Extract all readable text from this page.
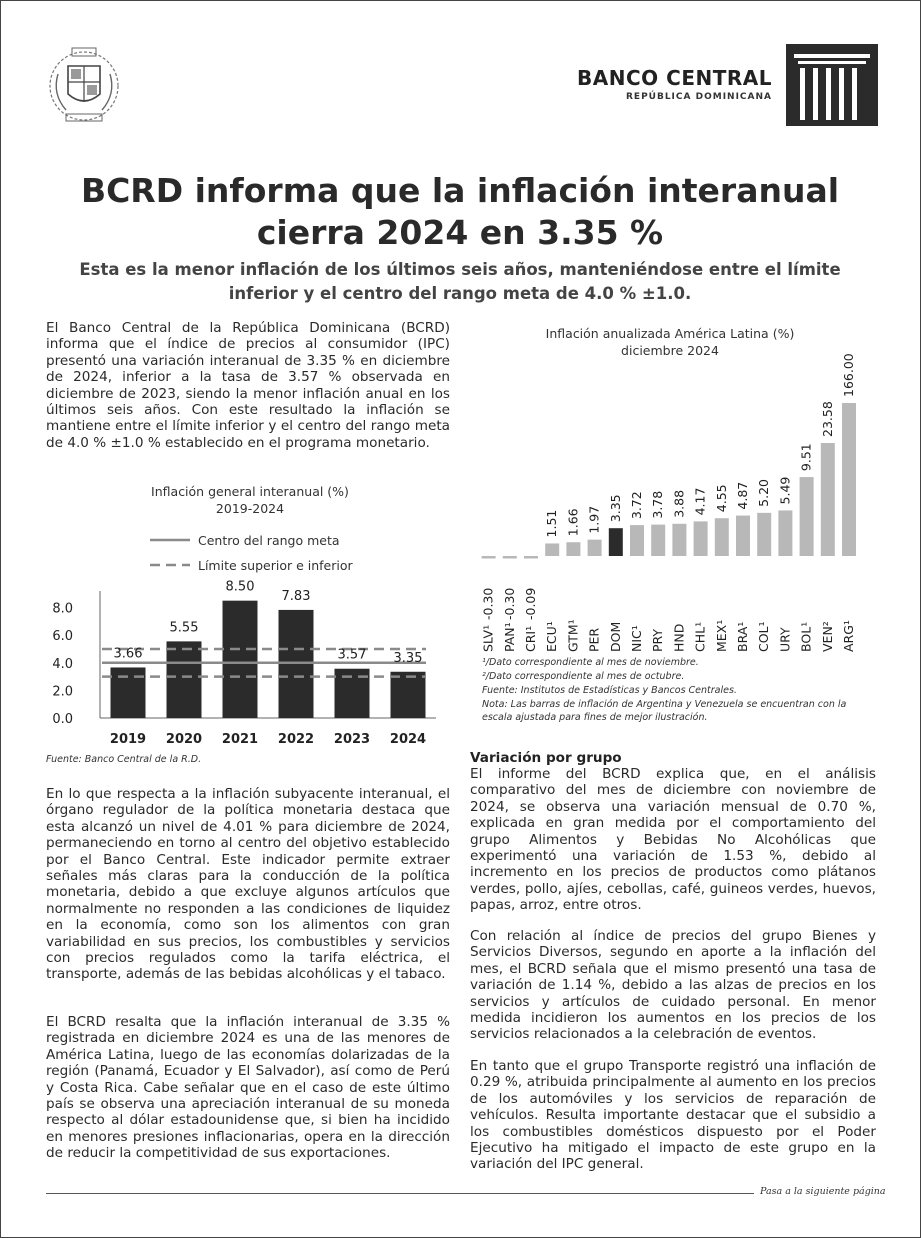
BANCO CENTRAL
REPÚBLICA DOMINICANA
BCRD informa que la inflación interanual
cierra 2024 en 3.35 %
Esta es la menor inflación de los últimos seis años, manteniéndose entre el límite
inferior y el centro del rango meta de 4.0 % ±1.0.
El Banco Central de la República Dominicana (BCRD) informa que el índice de precios al consumidor (IPC) presentó una variación interanual de 3.35 % en diciembre de 2024, inferior a la tasa de 3.57 % observada en diciembre de 2023, siendo la menor inflación anual en los últimos seis años. Con este resultado la inflación se mantiene entre el límite inferior y el centro del rango meta de 4.0 % ±1.0 % establecido en el programa monetario.
En lo que respecta a la inflación subyacente interanual, el órgano regulador de la política monetaria destaca que esta alcanzó un nivel de 4.01 % para diciembre de 2024, permaneciendo en torno al centro del objetivo establecido por el Banco Central. Este indicador permite extraer señales más claras para la conducción de la política monetaria, debido a que excluye algunos artículos que normalmente no responden a las condiciones de liquidez en la economía, como son los alimentos con gran variabilidad en sus precios, los combustibles y servicios con precios regulados como la tarifa eléctrica, el transporte, además de las bebidas alcohólicas y el tabaco.
El BCRD resalta que la inflación interanual de 3.35 % registrada en diciembre 2024 es una de las menores de América Latina, luego de las economías dolarizadas de la región (Panamá, Ecuador y El Salvador), así como de Perú y Costa Rica. Cabe señalar que en el caso de este último país se observa una apreciación interanual de su moneda respecto al dólar estadounidense que, si bien ha incidido en menores presiones inflacionarias, opera en la dirección de reducir la competitividad de sus exportaciones.
Variación por grupo
El informe del BCRD explica que, en el análisis comparativo del mes de diciembre con noviembre de 2024, se observa una variación mensual de 0.70 %, explicada en gran medida por el comportamiento del grupo Alimentos y Bebidas No Alcohólicas que experimentó una variación de 1.53 %, debido al incremento en los precios de productos como plátanos verdes, pollo, ajíes, cebollas, café, guineos verdes, huevos, papas, arroz, entre otros.
Con relación al índice de precios del grupo Bienes y Servicios Diversos, segundo en aporte a la inflación del mes, el BCRD señala que el mismo presentó una tasa de variación de 1.14 %, debido a las alzas de precios en los servicios y artículos de cuidado personal. En menor medida incidieron los aumentos en los precios de los servicios relacionados a la celebración de eventos.
En tanto que el grupo Transporte registró una inflación de 0.29 %, atribuida principalmente al aumento en los precios de los automóviles y los servicios de reparación de vehículos. Resulta importante destacar que el subsidio a los combustibles domésticos dispuesto por el Poder Ejecutivo ha mitigado el impacto de este grupo en la variación del IPC general.
Inflación general interanual (%)
2019-2024
Centro del rango meta
Límite superior e inferior
0.0
2.0
4.0
6.0
8.0
3.66
2019
5.55
2020
8.50
2021
7.83
2022
3.57
2023
3.35
2024
Fuente: Banco Central de la R.D.
Inflación anualizada América Latina (%)
diciembre 2024
-0.30 -0.30 -0.09
1.51 1.66 1.97 3.35 3.72 3.78 3.88 4.17 4.55 4.87 5.20 5.49
9.51
23.58
166.00
SLV¹ PAN¹ CRI¹ ECU¹ GTM¹ PER DOM NIC¹ PRY HND CHL¹ MEX¹ BRA¹ COL¹ URY BOL¹ VEN² ARG¹
¹/Dato correspondiente al mes de noviembre.
²/Dato correspondiente al mes de octubre.
Fuente: Institutos de Estadísticas y Bancos Centrales.
Nota: Las barras de inflación de Argentina y Venezuela se encuentran con la escala ajustada para fines de mejor ilustración.
Pasa a la siguiente página
